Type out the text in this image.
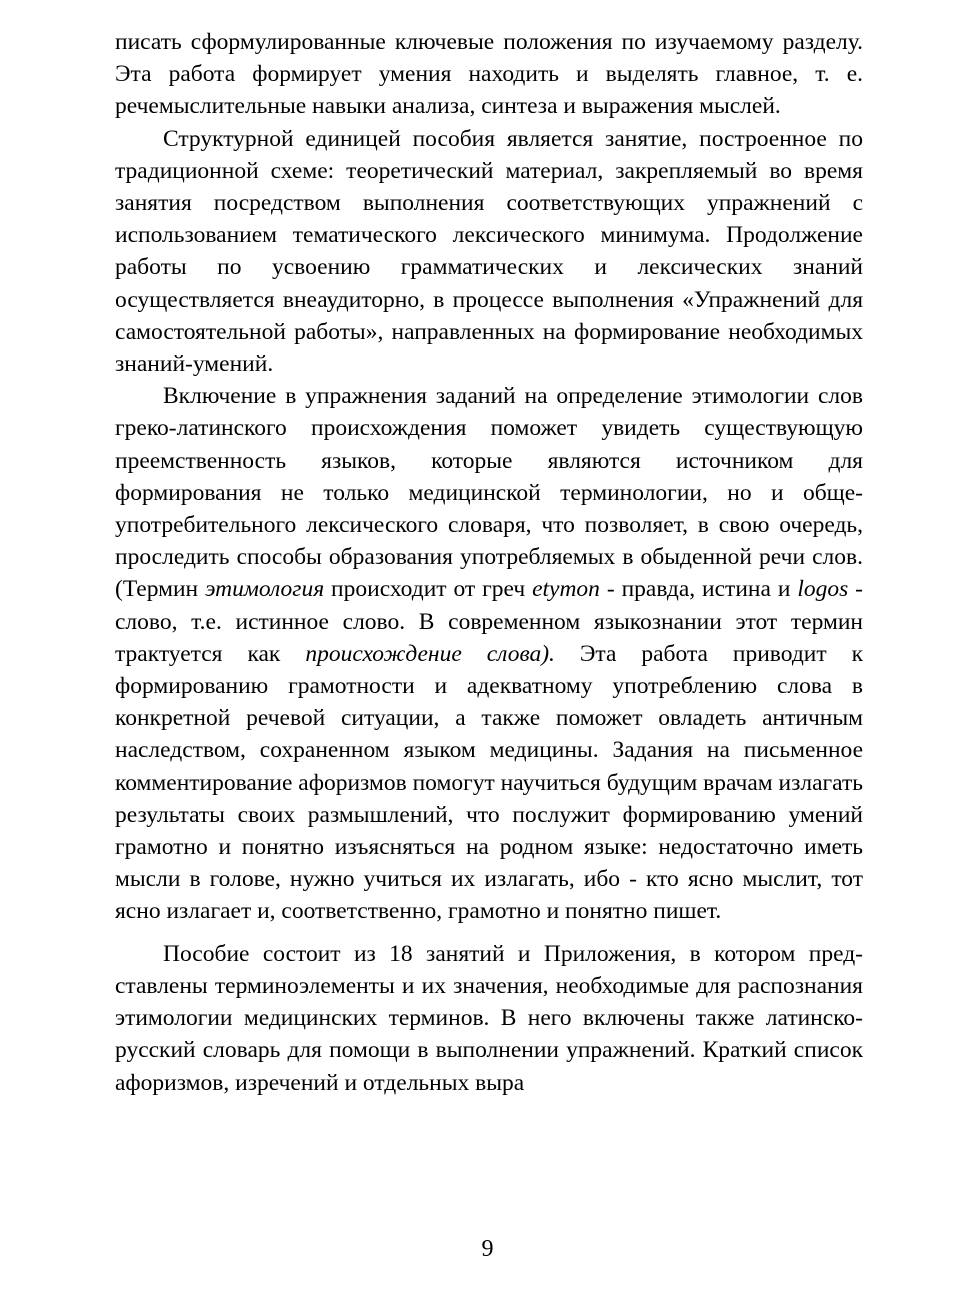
писать сформулированные ключевые положения по изучаемому разделу. Эта работа формирует умения находить и выделять главное, т. е. речемыслительные навыки анализа, синтеза и выражения мыслей.

Структурной единицей пособия является занятие, построенное по традиционной схеме: теоретический материал, закрепляемый во время занятия посредством выполнения соответствующих упражнений с использованием тематического лексического минимума. Продолжение работы по усвоению грамматических и лексических знаний осуществляется внеаудиторно, в процессе выполнения «Упражнений для самостоятельной работы», направленных на формирование необходимых знаний-умений.

Включение в упражнения заданий на определение этимологии слов греко-латинского происхождения поможет увидеть существующую преемственность языков, которые являются источником для формирования не только медицинской терминологии, но и общеупотребительного лексического словаря, что позволяет, в свою очередь, проследить способы образования употребляемых в обыденной речи слов. (Термин этимология происходит от греч etymon - правда, истина и logos - слово, т.е. истинное слово. В современном языкознании этот термин трактуется как происхождение слова). Эта работа приводит к формированию грамотности и адекватному употреблению слова в конкретной речевой ситуации, а также поможет овладеть античным наследством, сохраненном языком медицины. Задания на письменное комментирование афоризмов помогут научиться будущим врачам излагать результаты своих размышлений, что послужит формированию умений грамотно и понятно изъясняться на родном языке: недостаточно иметь мысли в голове, нужно учиться их излагать, ибо - кто ясно мыслит, тот ясно излагает и, соответственно, грамотно и понятно пишет.

Пособие состоит из 18 занятий и Приложения, в котором представлены терминоэлементы и их значения, необходимые для распознания этимологии медицинских терминов. В него включены также латинско-русский словарь для помощи в выполнении упражнений. Краткий список афоризмов, изречений и отдельных выра

9
